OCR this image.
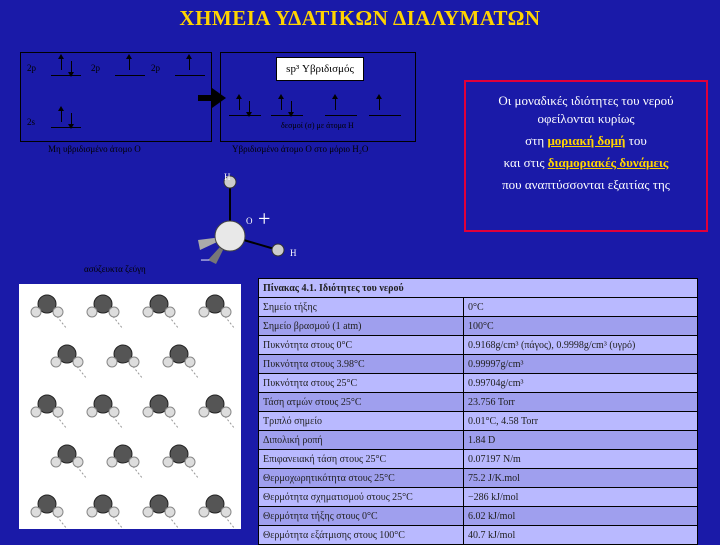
ΧΗΜΕΙΑ ΥΔΑΤΙΚΩΝ ΔΙΑΛΥΜΑΤΩΝ
2p	2p	2p
2s
Μη υβριδισμένο άτομο O
δεσμοί (σ) με άτομα H
sp³ Υβριδισμός
Υβριδισμένο άτομο O στο μόριο H₂O
H
O
H
+
−
ασύζευκτα ζεύγη

Οι μοναδικές ιδιότητες του νερού οφείλονται κυρίως

στη μοριακή δομή του

και στις διαμοριακές δυνάμεις

που αναπτύσσονται εξαιτίας της

Πίνακας 4.1. Ιδιότητες του νερού	
Σημείο τήξης	0°C
Σημείο βρασμού (1 atm)	100°C
Πυκνότητα στους 0°C	0.9168g/cm³ (πάγος), 0.9998g/cm³ (υγρό)
Πυκνότητα στους 3.98°C	0.99997g/cm³
Πυκνότητα στους 25°C	0.99704g/cm³
Τάση ατμών στους 25°C	23.756 Torr
Τριπλό σημείο	0.01°C, 4.58 Torr
Διπολική ροπή	1.84 D
Επιφανειακή τάση στους 25°C	0.07197 N/m
Θερμοχωρητικότητα στους 25°C	75.2 J/K.mol
Θερμότητα σχηματισμού στους 25°C	−286 kJ/mol
Θερμότητα τήξης στους 0°C	6.02 kJ/mol
Θερμότητα εξάτμισης στους 100°C	40.7 kJ/mol
